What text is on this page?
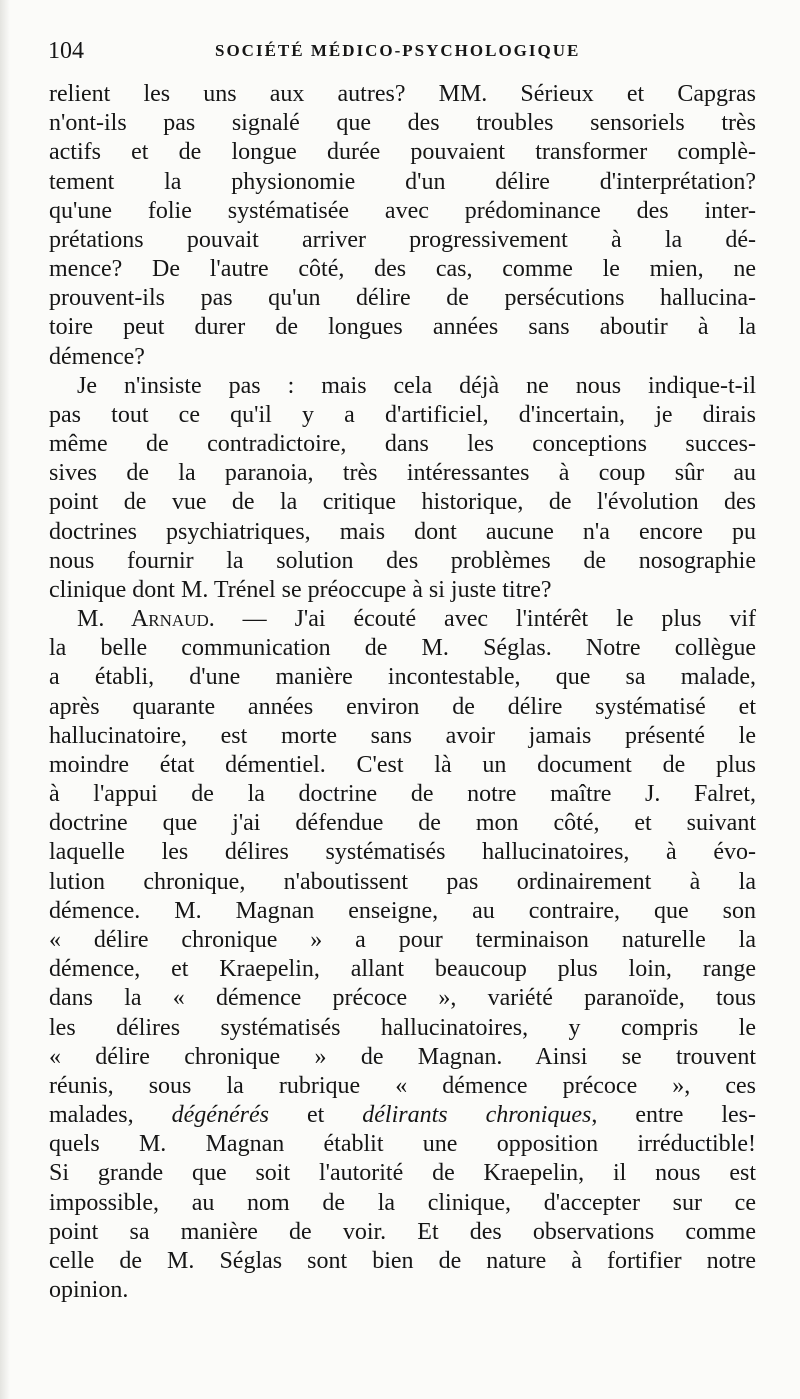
104	SOCIÉTÉ MÉDICO-PSYCHOLOGIQUE
relient les uns aux autres? MM. Sérieux et Capgras
n'ont-ils pas signalé que des troubles sensoriels très
actifs et de longue durée pouvaient transformer complè-
tement la physionomie d'un délire d'interprétation?
qu'une folie systématisée avec prédominance des inter-
prétations pouvait arriver progressivement à la dé-
mence? De l'autre côté, des cas, comme le mien, ne
prouvent-ils pas qu'un délire de persécutions hallucina-
toire peut durer de longues années sans aboutir à la
démence?
Je n'insiste pas : mais cela déjà ne nous indique-t-il
pas tout ce qu'il y a d'artificiel, d'incertain, je dirais
même de contradictoire, dans les conceptions succes-
sives de la paranoia, très intéressantes à coup sûr au
point de vue de la critique historique, de l'évolution des
doctrines psychiatriques, mais dont aucune n'a encore pu
nous fournir la solution des problèmes de nosographie
clinique dont M. Trénel se préoccupe à si juste titre?
M. Arnaud. — J'ai écouté avec l'intérêt le plus vif
la belle communication de M. Séglas. Notre collègue
a établi, d'une manière incontestable, que sa malade,
après quarante années environ de délire systématisé et
hallucinatoire, est morte sans avoir jamais présenté le
moindre état démentiel. C'est là un document de plus
à l'appui de la doctrine de notre maître J. Falret,
doctrine que j'ai défendue de mon côté, et suivant
laquelle les délires systématisés hallucinatoires, à évo-
lution chronique, n'aboutissent pas ordinairement à la
démence. M. Magnan enseigne, au contraire, que son
« délire chronique » a pour terminaison naturelle la
démence, et Kraepelin, allant beaucoup plus loin, range
dans la « démence précoce », variété paranoïde, tous
les délires systématisés hallucinatoires, y compris le
« délire chronique » de Magnan. Ainsi se trouvent
réunis, sous la rubrique « démence précoce », ces
malades, dégénérés et délirants chroniques, entre les-
quels M. Magnan établit une opposition irréductible!
Si grande que soit l'autorité de Kraepelin, il nous est
impossible, au nom de la clinique, d'accepter sur ce
point sa manière de voir. Et des observations comme
celle de M. Séglas sont bien de nature à fortifier notre
opinion.
